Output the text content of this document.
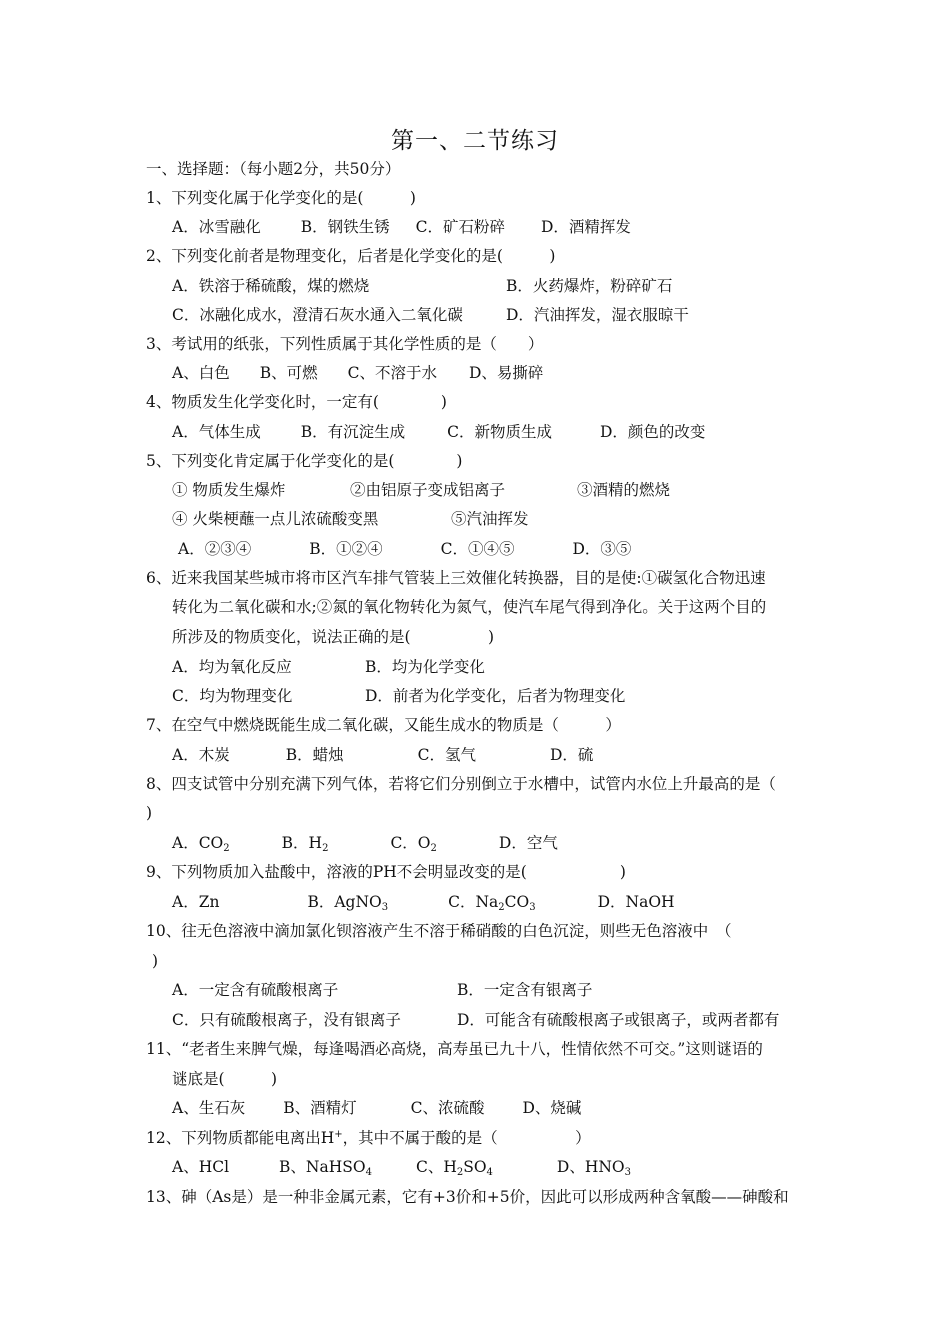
第一、二节练习
一、选择题：（每小题2分，共50分）
1、下列变化属于化学变化的是(　　　)
A．冰雪融化	B．钢铁生锈 C．矿石粉碎 D．酒精挥发
2、下列变化前者是物理变化，后者是化学变化的是(　　　)
A．铁溶于稀硫酸，煤的燃烧	B．火药爆炸，粉碎矿石
C．冰融化成水，澄清石灰水通入二氧化碳	D．汽油挥发，湿衣服晾干
3、考试用的纸张，下列性质属于其化学性质的是（　　）
A、白色 B、可燃 C、不溶于水 D、易撕碎
4、物质发生化学变化时，一定有(　　　　)
A．气体生成	B．有沉淀生成	C．新物质生成	D．颜色的改变
5、下列变化肯定属于化学变化的是(　　　　)
① 物质发生爆炸	②由铝原子变成铝离子	③酒精的燃烧
④ 火柴梗蘸一点儿浓硫酸变黑	⑤汽油挥发
A．②③④	B．①②④	C．①④⑤	D．③⑤
6、近来我国某些城市将市区汽车排气管装上三效催化转换器，目的是使:①碳氢化合物迅速
转化为二氧化碳和水;②氮的氧化物转化为氮气，使汽车尾气得到净化。关于这两个目的
所涉及的物质变化，说法正确的是(　　　　　)
A．均为氧化反应	B．均为化学变化
C．均为物理变化	D．前者为化学变化，后者为物理变化
7、在空气中燃烧既能生成二氧化碳，又能生成水的物质是（　　　）
A．木炭	B．蜡烛	C．氢气	D．硫
8、四支试管中分别充满下列气体，若将它们分别倒立于水槽中，试管内水位上升最高的是（
)
A．$CO_2$	B．$H_2$	C．$O_2$	D．空气
9、下列物质加入盐酸中，溶液的PH不会明显改变的是(　　　　　　)
A．Zn	B．AgNO$_3$	C．$Na_2CO_3$	D．NaOH
10、往无色溶液中滴加氯化钡溶液产生不溶于稀硝酸的白色沉淀，则些无色溶液中　（
)
A．一定含有硫酸根离子	B．一定含有银离子
C．只有硫酸根离子，没有银离子	D．可能含有硫酸根离子或银离子，或两者都有
11、“老者生来脾气燥，每逢喝酒必高烧，高寿虽已九十八，性情依然不可交。”这则谜语的
谜底是(　　　)
A、生石灰 B、酒精灯	C、浓硫酸 D、烧碱
12、下列物质都能电离出H+，其中不属于酸的是（　　　　　）
A、HCl	B、NaHSO$_4$	C、$H_2SO_4$	D、$HNO_3$
13、砷（As是）是一种非金属元素，它有+3价和+5价，因此可以形成两种含氧酸——砷酸和
